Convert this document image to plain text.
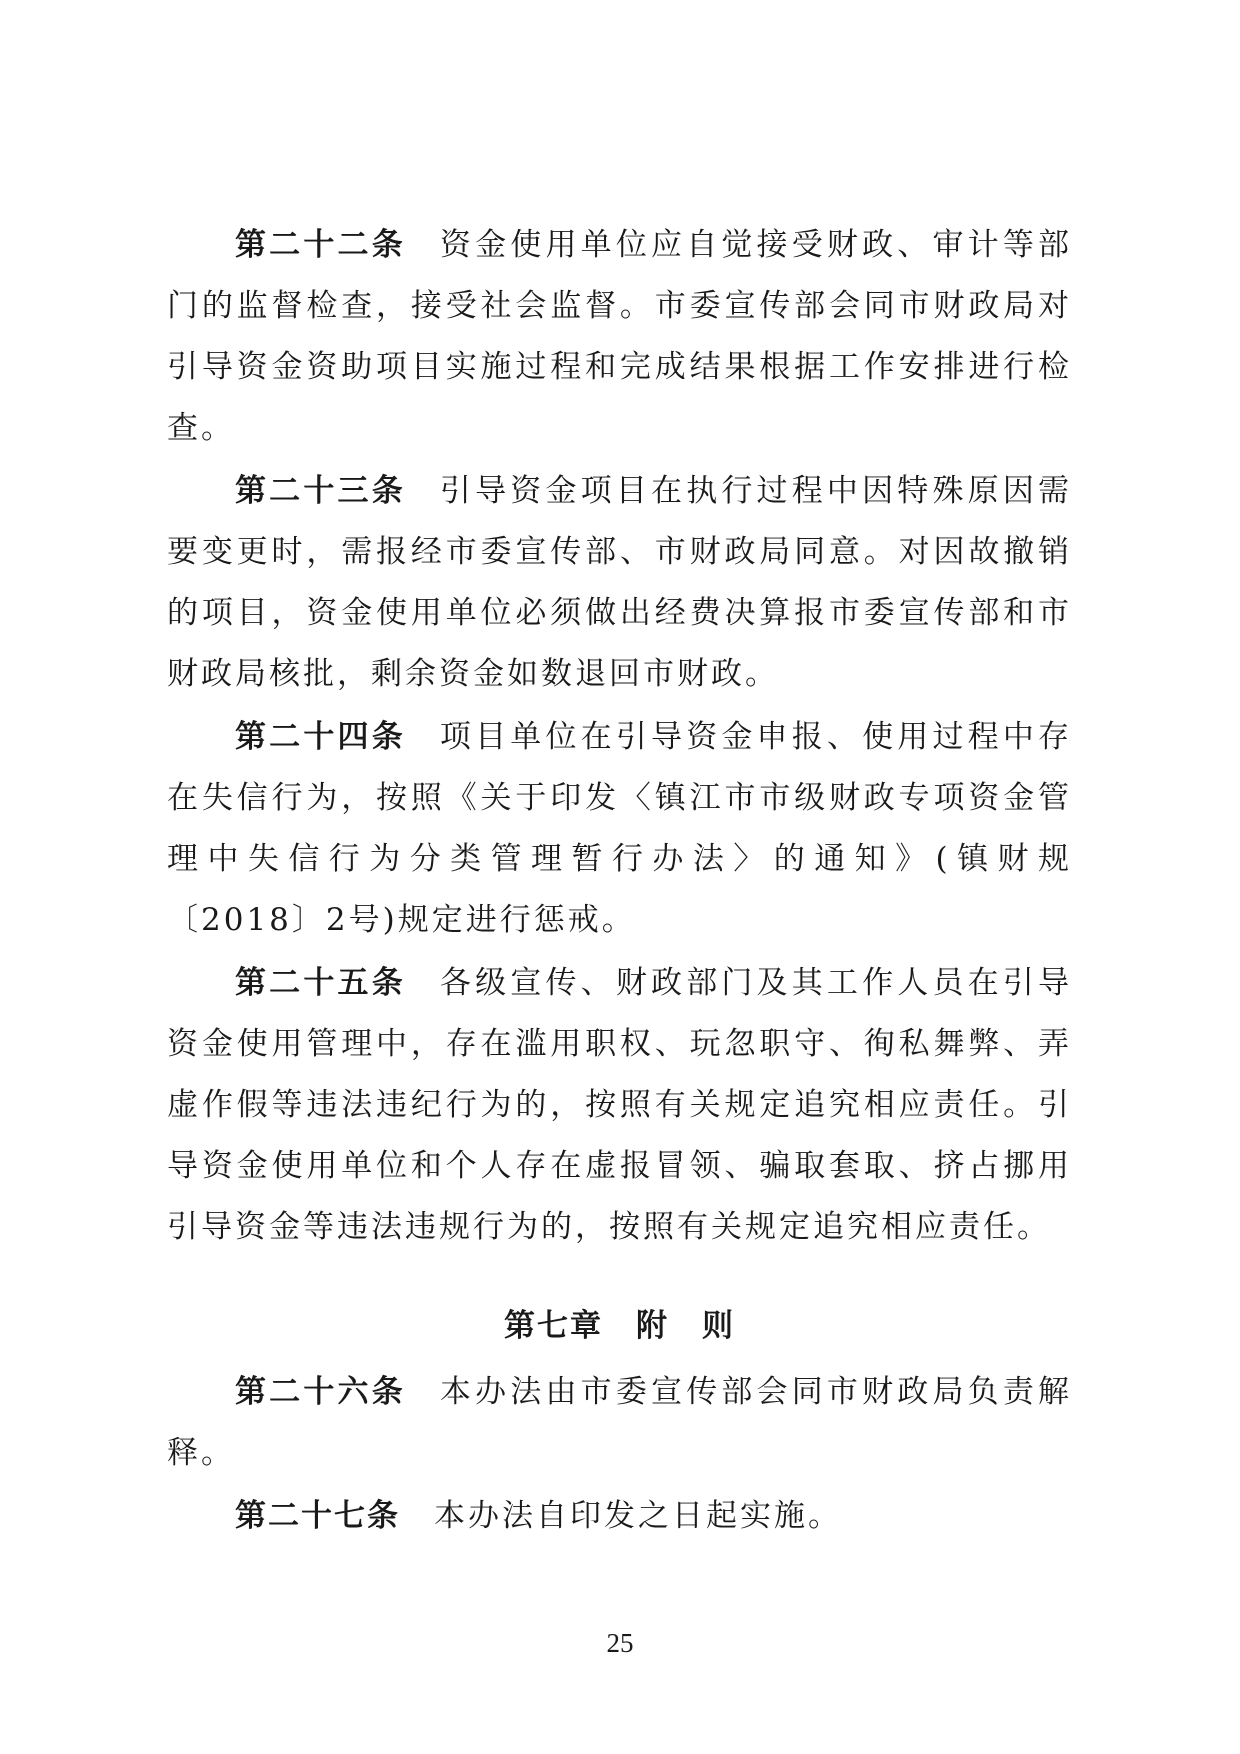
第二十二条 资金使用单位应自觉接受财政、审计等部门的监督检查，接受社会监督。市委宣传部会同市财政局对引导资金资助项目实施过程和完成结果根据工作安排进行检查。

第二十三条 引导资金项目在执行过程中因特殊原因需要变更时，需报经市委宣传部、市财政局同意。对因故撤销的项目，资金使用单位必须做出经费决算报市委宣传部和市财政局核批，剩余资金如数退回市财政。

第二十四条 项目单位在引导资金申报、使用过程中存在失信行为，按照《关于印发〈镇江市市级财政专项资金管理中失信行为分类管理暂行办法〉的通知》(镇财规〔2018〕2号)规定进行惩戒。

第二十五条 各级宣传、财政部门及其工作人员在引导资金使用管理中，存在滥用职权、玩忽职守、徇私舞弊、弄虚作假等违法违纪行为的，按照有关规定追究相应责任。引导资金使用单位和个人存在虚报冒领、骗取套取、挤占挪用引导资金等违法违规行为的，按照有关规定追究相应责任。

第七章　附　则

第二十六条 本办法由市委宣传部会同市财政局负责解释。

第二十七条 本办法自印发之日起实施。

25
